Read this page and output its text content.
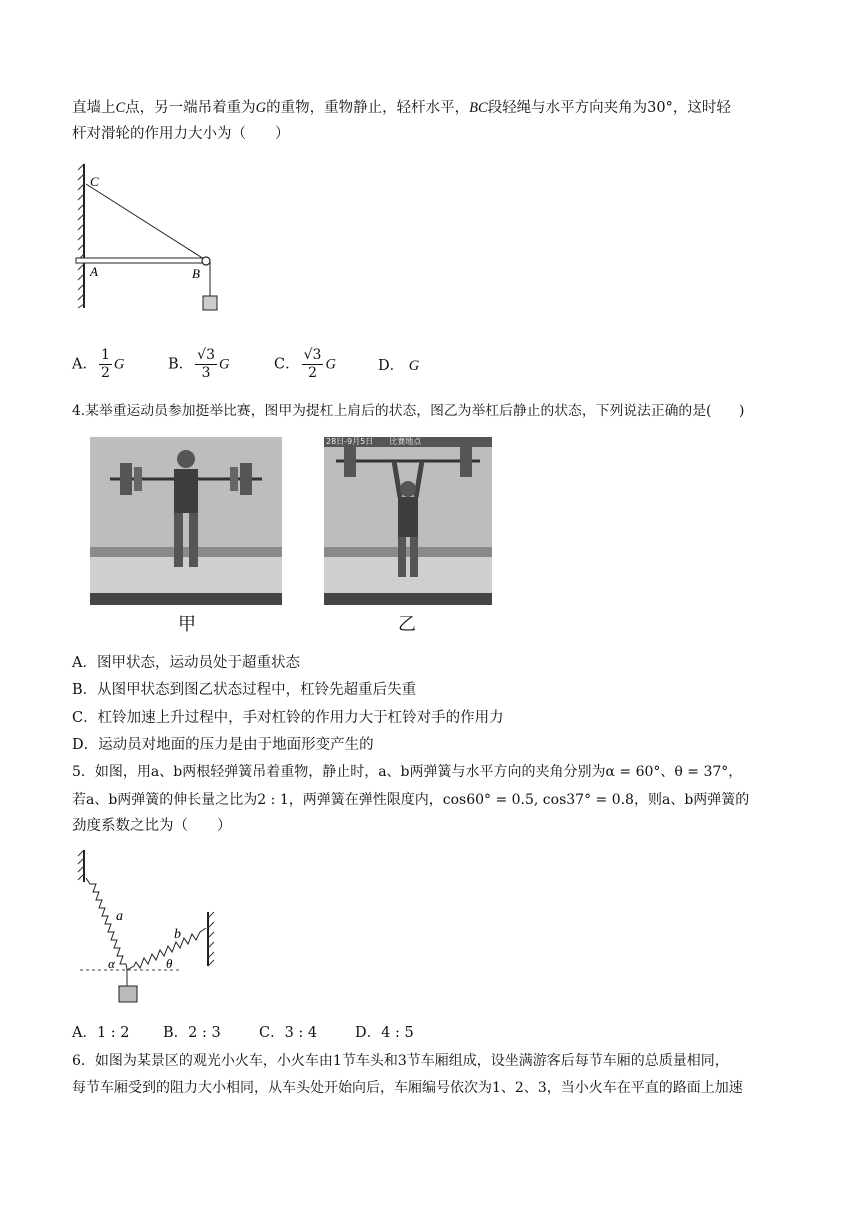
直墙上C点，另一端吊着重为G的重物，重物静止，轻杆水平，BC段轻绳与水平方向夹角为30°，这时轻
杆对滑轮的作用力大小为（　　）
C
A	B
A． $\frac{1}{2}$ G	B． $\frac{√3}{3}$ G	C． $\frac{√3}{2}$ G	D． G
4.某举重运动员参加挺举比赛，图甲为提杠上肩后的状态，图乙为举杠后静止的状态，下列说法正确的是(　　)
甲
28日-9月5日　　比赛地点
乙
A．图甲状态，运动员处于超重状态
B．从图甲状态到图乙状态过程中，杠铃先超重后失重
C．杠铃加速上升过程中，手对杠铃的作用力大于杠铃对手的作用力
D．运动员对地面的压力是由于地面形变产生的
5．如图，用a、b两根轻弹簧吊着重物，静止时，a、b两弹簧与水平方向的夹角分别为α = 60°、θ = 37°，
若a、b两弹簧的伸长量之比为2 : 1，两弹簧在弹性限度内，cos60° = 0.5, cos37° = 0.8，则a、b两弹簧的
劲度系数之比为（　　）
a
b
α	θ
A．1 : 2 B．2 : 3	C．3 : 4	D．4 : 5
6．如图为某景区的观光小火车，小火车由1节车头和3节车厢组成，设坐满游客后每节车厢的总质量相同，
每节车厢受到的阻力大小相同，从车头处开始向后，车厢编号依次为1、2、3，当小火车在平直的路面上加速
